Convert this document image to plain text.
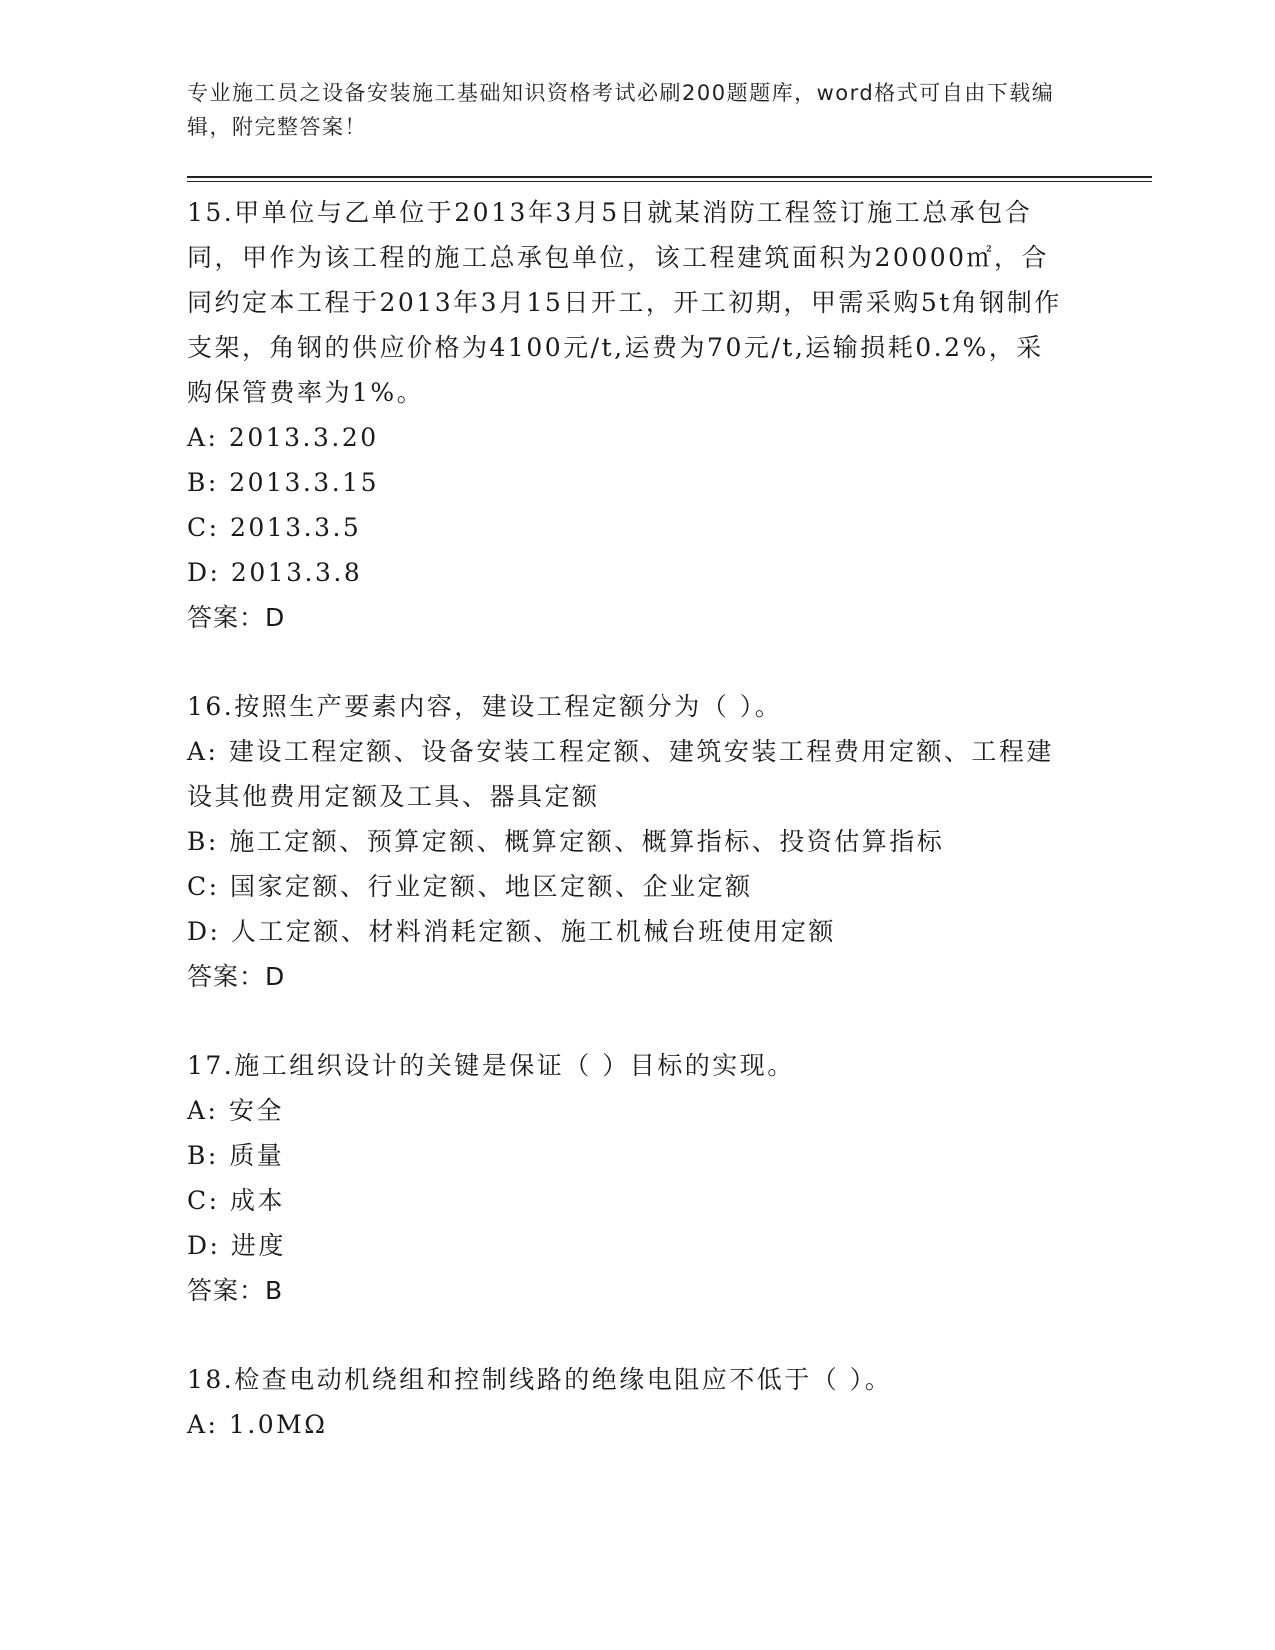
专业施工员之设备安装施工基础知识资格考试必刷200题题库，word格式可自由下载编辑，附完整答案！
15.甲单位与乙单位于2013年3月5日就某消防工程签订施工总承包合同，甲作为该工程的施工总承包单位，该工程建筑面积为20000㎡，合同约定本工程于2013年3月15日开工，开工初期，甲需采购5t角钢制作支架，角钢的供应价格为4100元/t,运费为70元/t,运输损耗0.2%，采购保管费率为1%。
A: 2013.3.20
B: 2013.3.15
C: 2013.3.5
D: 2013.3.8
答案：D
16.按照生产要素内容，建设工程定额分为（ ）。
A: 建设工程定额、设备安装工程定额、建筑安装工程费用定额、工程建设其他费用定额及工具、器具定额
B: 施工定额、预算定额、概算定额、概算指标、投资估算指标
C: 国家定额、行业定额、地区定额、企业定额
D: 人工定额、材料消耗定额、施工机械台班使用定额
答案：D
17.施工组织设计的关键是保证（ ）目标的实现。
A: 安全
B: 质量
C: 成本
D: 进度
答案：B
18.检查电动机绕组和控制线路的绝缘电阻应不低于（ ）。
A: 1.0MΩ
